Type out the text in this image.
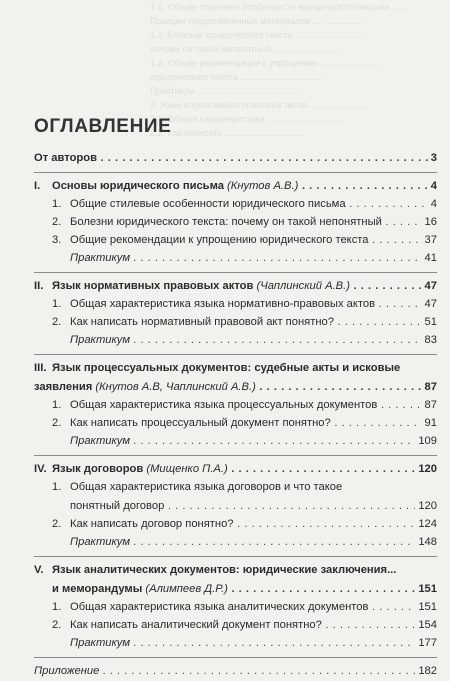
1.1. Общие стилевые особенности юридического письма ......
Позиции представленных материалов ... ................
1.2. Болезни юридического текста ...........................
почему он такой непонятный ...........................
1.3. Общие рекомендации к упрощению .......................
юридического текста ..................................
Практикум ..........................................
2. Язык нормативных правовых актов .......................
2.1. Общая характеристика ...............................
2.2. Как написать ................................
ОГЛАВЛЕНИЕ
От авторов . . .	3
I. Основы юридического письма (Кнутов А.В.) . . .	4
1. Общие стилевые особенности юридического письма . . .	4
2. Болезни юридического текста: почему он такой непонятный . . .	16
3. Общие рекомендации к упрощению юридического текста . . .	37
Практикум . . .	41
II. Язык нормативных правовых актов (Чаплинский А.В.) . . .	47
1. Общая характеристика языка нормативно-правовых актов . . .	47
2. Как написать нормативный правовой акт понятно? . . .	51
Практикум . . .	83
III. Язык процессуальных документов: судебные акты и исковые
заявления (Кнутов А.В, Чаплинский А.В.) . . .	87
1. Общая характеристика языка процессуальных документов . . .	87
2. Как написать процессуальный документ понятно? . . .	91
Практикум . . .	109
IV. Язык договоров (Мищенко П.А.) . . .	120
1. Общая характеристика языка договоров и что такое
понятный договор . . .	120
2. Как написать договор понятно? . . .	124
Практикум . . .	148
V. Язык аналитических документов: юридические заключения...
и меморандумы (Алимпеев Д.Р.) . . .	151
1. Общая характеристика языка аналитических документов . . .	151
2. Как написать аналитический документ понятно? . . .	154
Практикум . . .	177
Приложение . . .	182
